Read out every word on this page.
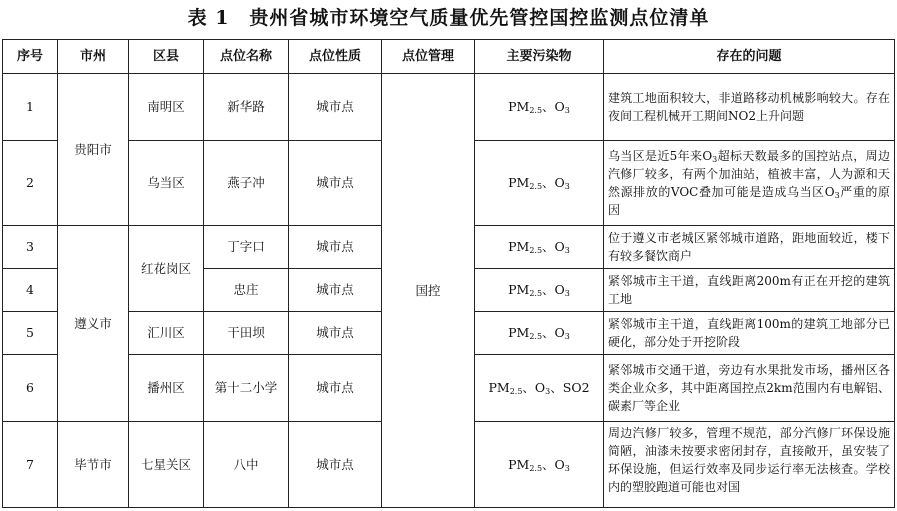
表 1　贵州省城市环境空气质量优先管控国控监测点位清单
序号	市州	区县	点位名称	点位性质	点位管理	主要污染物	存在的问题
1	贵阳市	南明区	新华路	城市点	国控	$PM_{2.5}$、$O_3$	建筑工地面积较大，非道路移动机械影响较大。存在夜间工程机械开工期间NO2上升问题
2		乌当区	燕子冲	城市点		$PM_{2.5}$、$O_3$	乌当区是近5年来$O_3$超标天数最多的国控站点，周边汽修厂较多，有两个加油站，植被丰富，人为源和天然源排放的VOC叠加可能是造成乌当区$O_3$严重的原因
3	遵义市	红花岗区	丁字口	城市点		$PM_{2.5}$、$O_3$	位于遵义市老城区紧邻城市道路，距地面较近，楼下有较多餐饮商户
4			忠庄	城市点		$PM_{2.5}$、$O_3$	紧邻城市主干道，直线距离200m有正在开挖的建筑工地
5		汇川区	干田坝	城市点		$PM_{2.5}$、$O_3$	紧邻城市主干道，直线距离100m的建筑工地部分已硬化，部分处于开挖阶段
6		播州区	第十二小学	城市点		$PM_{2.5}$、$O_3$、SO2	紧邻城市交通干道，旁边有水果批发市场，播州区各类企业众多，其中距离国控点2km范围内有电解铝、碳素厂等企业
7	毕节市	七星关区	八中	城市点		$PM_{2.5}$、$O_3$	周边汽修厂较多，管理不规范，部分汽修厂环保设施简陋，油漆未按要求密闭封存，直接敞开，虽安装了环保设施，但运行效率及同步运行率无法核查。学校内的塑胶跑道可能也对国
